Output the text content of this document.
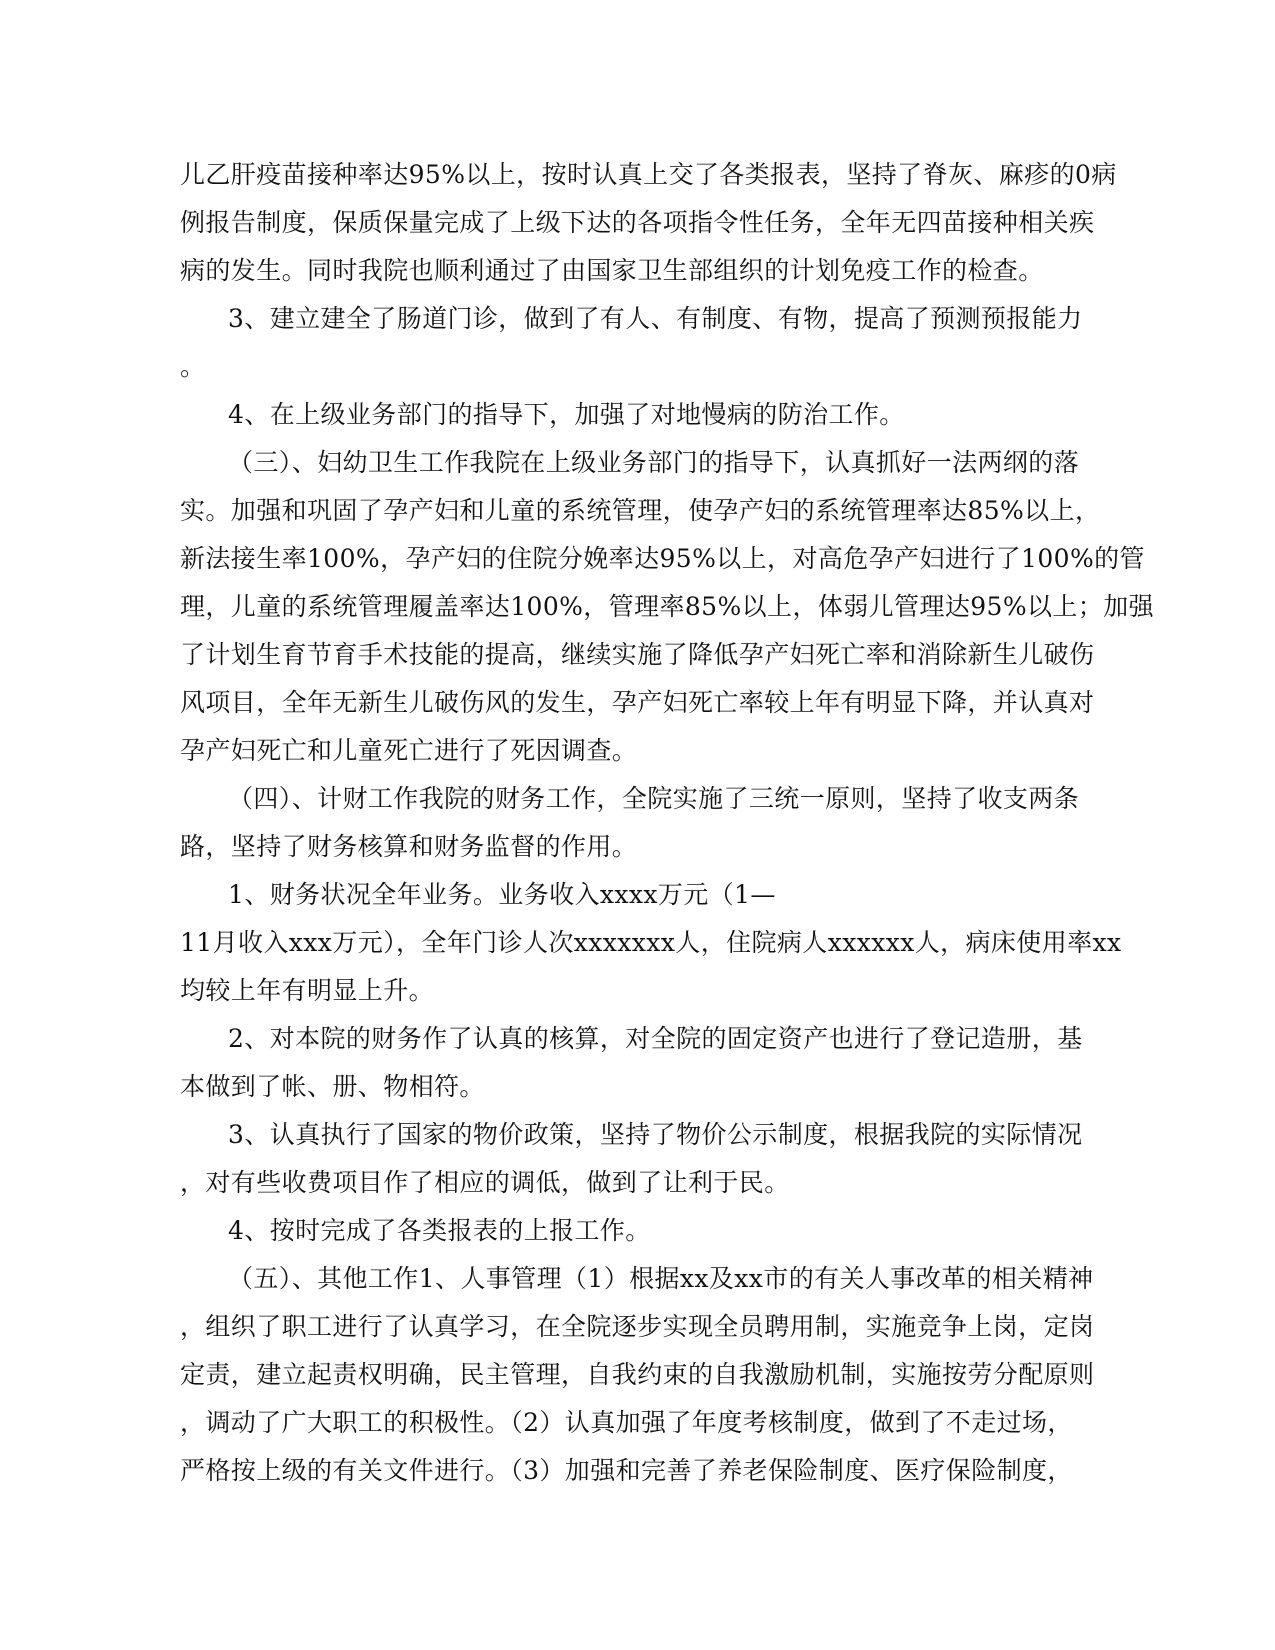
儿乙肝疫苗接种率达95%以上，按时认真上交了各类报表，坚持了脊灰、麻疹的0病
例报告制度，保质保量完成了上级下达的各项指令性任务，全年无四苗接种相关疾
病的发生。同时我院也顺利通过了由国家卫生部组织的计划免疫工作的检查。
3、建立建全了肠道门诊，做到了有人、有制度、有物，提高了预测预报能力
。
4、在上级业务部门的指导下，加强了对地慢病的防治工作。
（三）、妇幼卫生工作我院在上级业务部门的指导下，认真抓好一法两纲的落
实。加强和巩固了孕产妇和儿童的系统管理，使孕产妇的系统管理率达85%以上，
新法接生率100%，孕产妇的住院分娩率达95%以上，对高危孕产妇进行了100%的管
理，儿童的系统管理履盖率达100%，管理率85%以上，体弱儿管理达95%以上；加强
了计划生育节育手术技能的提高，继续实施了降低孕产妇死亡率和消除新生儿破伤
风项目，全年无新生儿破伤风的发生，孕产妇死亡率较上年有明显下降，并认真对
孕产妇死亡和儿童死亡进行了死因调查。
（四）、计财工作我院的财务工作，全院实施了三统一原则，坚持了收支两条
路，坚持了财务核算和财务监督的作用。
1、财务状况全年业务。业务收入xxxx万元（1—
11月收入xxx万元），全年门诊人次xxxxxxx人，住院病人xxxxxx人，病床使用率xx
均较上年有明显上升。
2、对本院的财务作了认真的核算，对全院的固定资产也进行了登记造册，基
本做到了帐、册、物相符。
3、认真执行了国家的物价政策，坚持了物价公示制度，根据我院的实际情况
，对有些收费项目作了相应的调低，做到了让利于民。
4、按时完成了各类报表的上报工作。
（五）、其他工作1、人事管理（1）根据xx及xx市的有关人事改革的相关精神
，组织了职工进行了认真学习，在全院逐步实现全员聘用制，实施竞争上岗，定岗
定责，建立起责权明确，民主管理，自我约束的自我激励机制，实施按劳分配原则
，调动了广大职工的积极性。（2）认真加强了年度考核制度，做到了不走过场，
严格按上级的有关文件进行。（3）加强和完善了养老保险制度、医疗保险制度，
